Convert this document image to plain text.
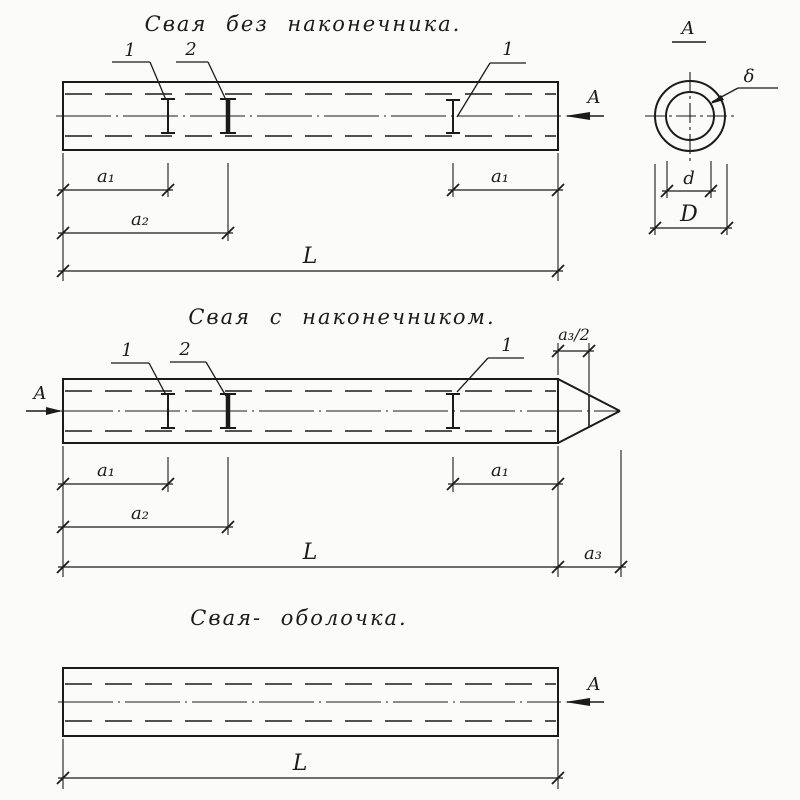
Свая без наконечника.
1	2	1
A
a₁	a₁
a₂
L
A
δ
d
D
Свая с наконечником.
1	2	1
A
a₃/2
a₁	a₁
a₂
L	a₃
Свая- оболочка.
A
L
